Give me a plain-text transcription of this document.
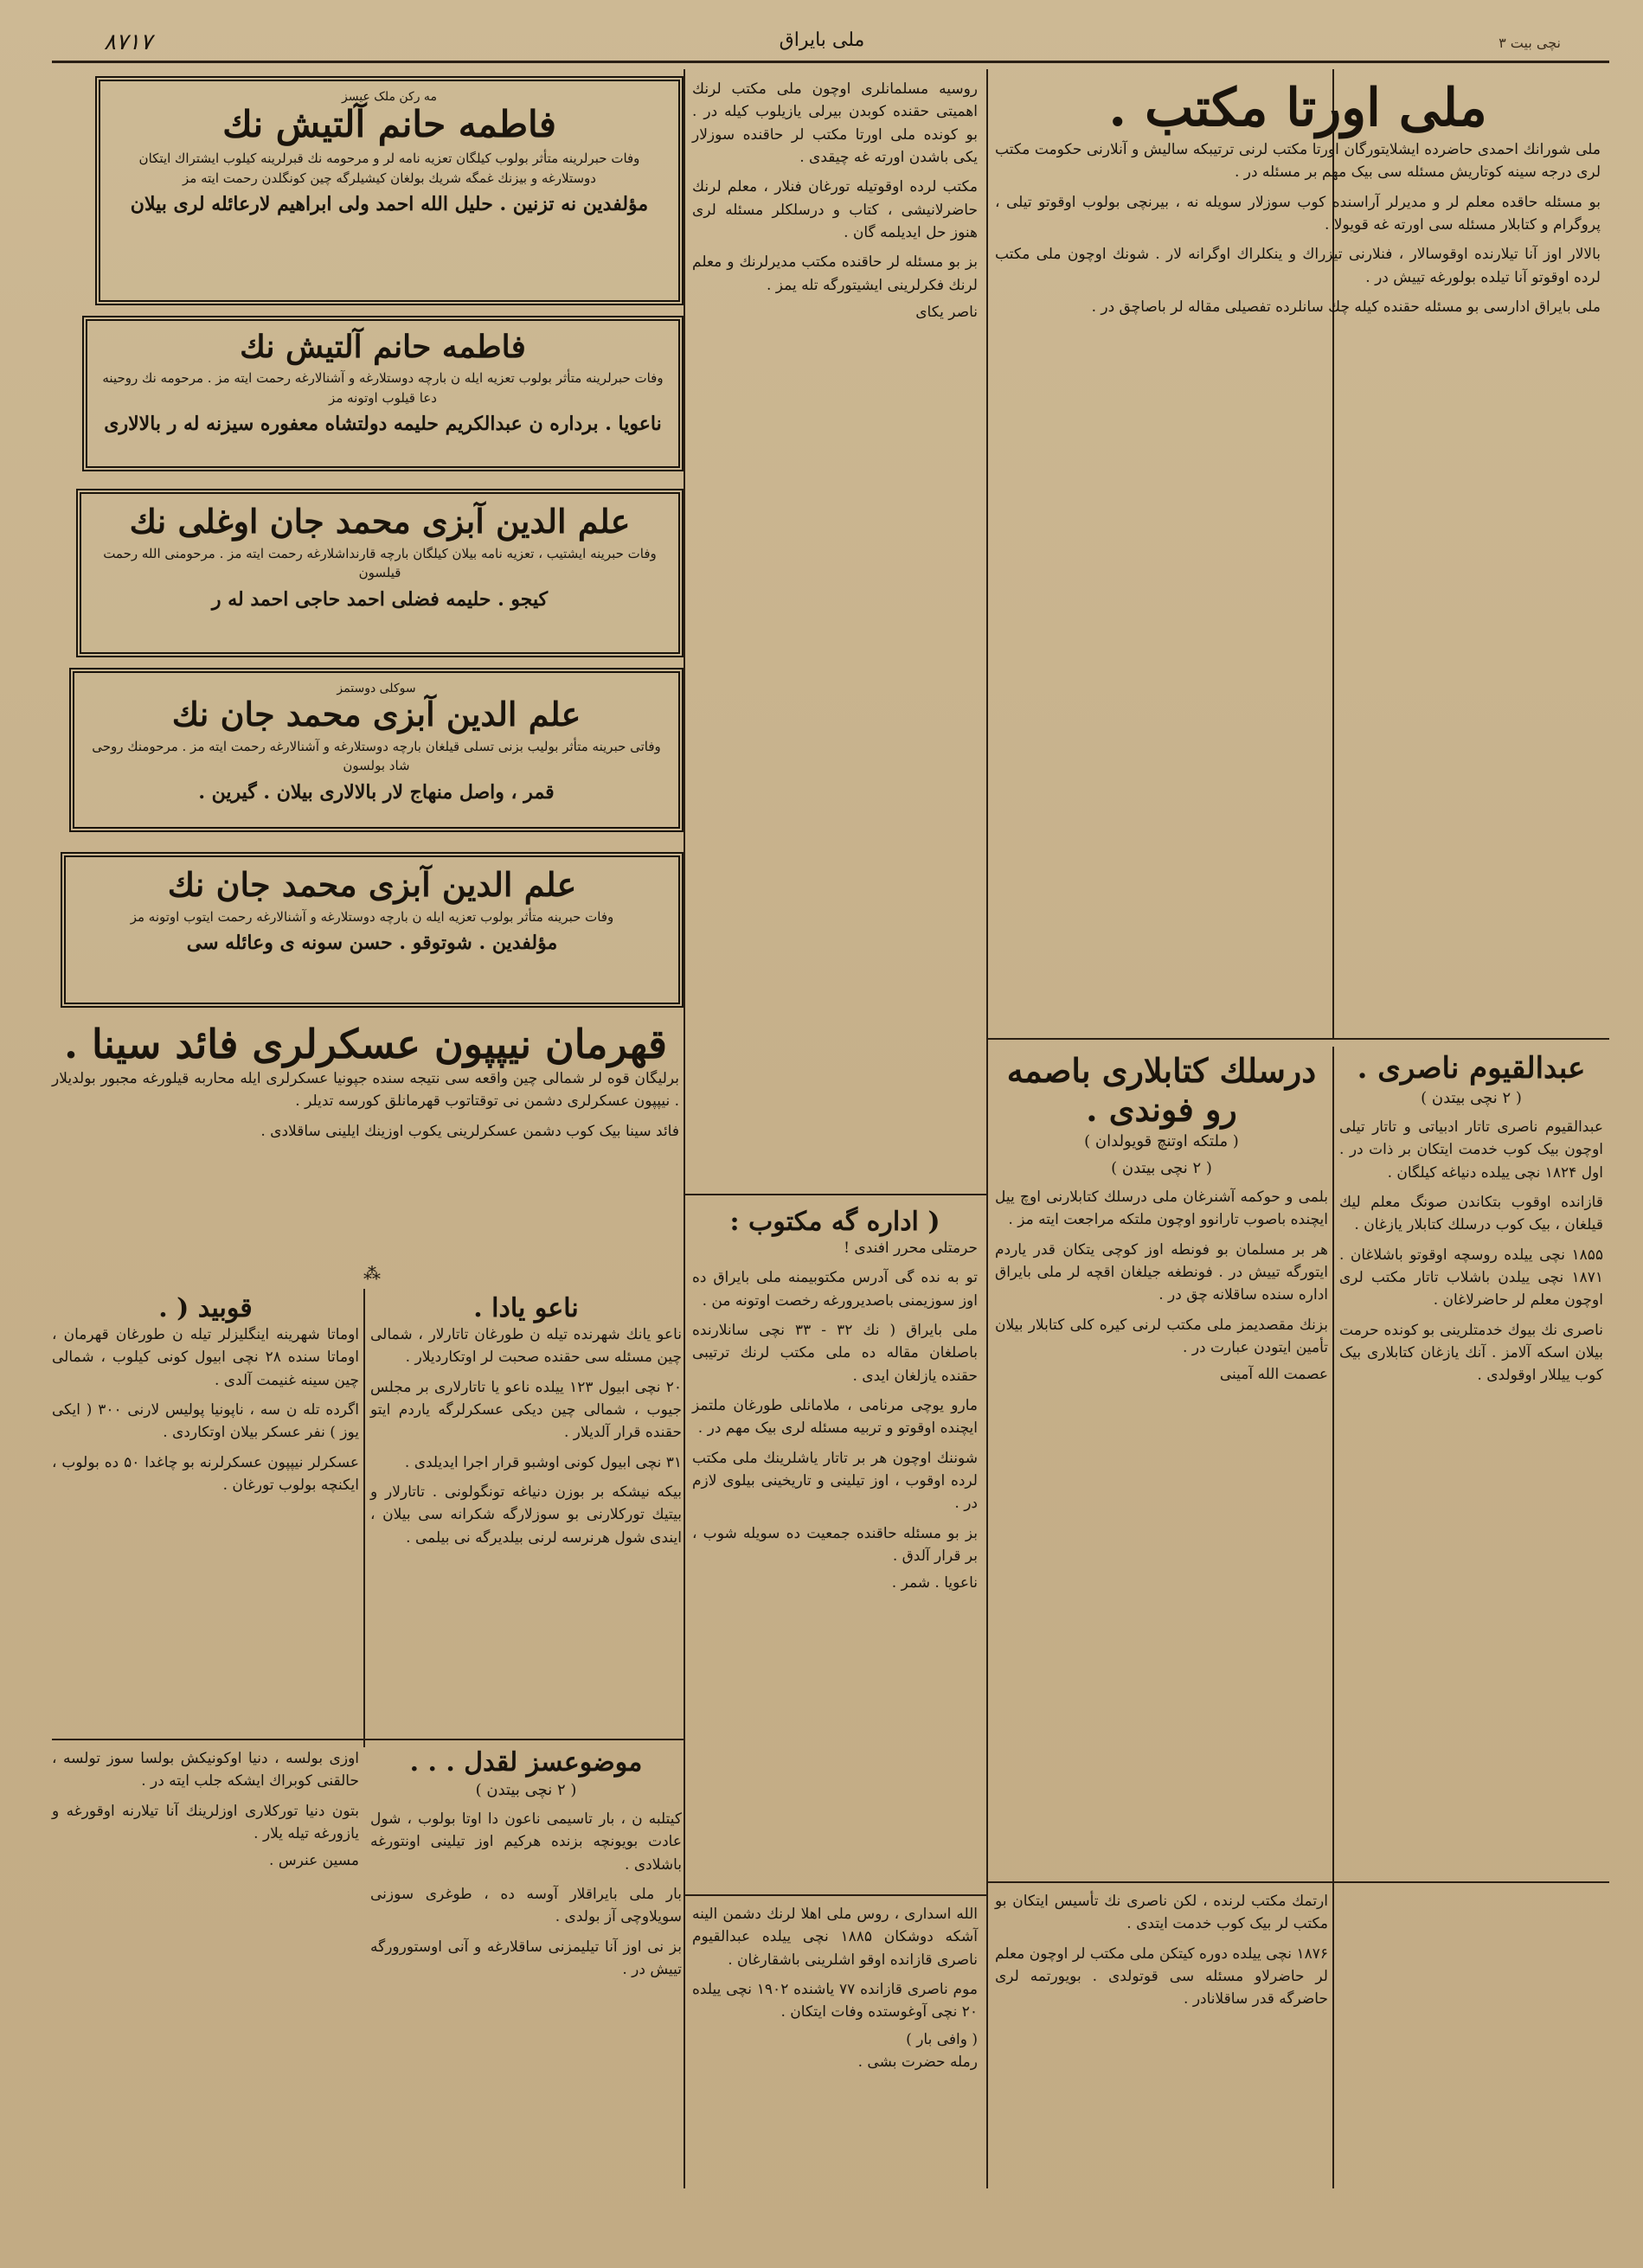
۸۷۱۷	ملی بایراق	۳ نچی بیت
مه رکن ملک عیسز
فاطمه حانم آلتیش نك
وفات حبرلرینه متأثر بولوب کیلگان تعزیه نامه لر و مرحومه نك قبرلرینه کیلوب ایشتراك ایتکان دوستلارغه و بیزنك غمگه شریك بولغان کیشیلرگه چین کونگلدن رحمت ایته مز
مؤلفدین نه تزنین . حلیل الله احمد ولی ابراهیم لارعائله لری بیلان
فاطمه حانم آلتیش نك
وفات حبرلرینه متأثر بولوب تعزیه ایله ن بارچه دوستلارغه و آشنالارغه رحمت ایته مز . مرحومه نك روحینه دعا قیلوب اوتونه مز
ناعویا . برداره ن عبدالکریم حلیمه دولتشاه معفوره سیزنه له ر بالالاری
علم الدین آبزی محمد جان اوغلی نك
وفات حبرینه ایشتیب ، تعزیه نامه بیلان کیلگان بارچه قارنداشلارغه رحمت ایته مز . مرحومنی الله رحمت قیلسون
کیجو . حلیمه فضلی احمد حاجی احمد له ر
سوکلی دوستمز
علم الدین آبزی محمد جان نك
وفاتی حبرینه متأثر بولیب بزنی تسلی قیلغان بارچه دوستلارغه و آشنالارغه رحمت ایته مز . مرحومنك روحی شاد بولسون
قمر ، واصل منهاج لار بالالاری بیلان . گیرین .
علم الدین آبزی محمد جان نك
وفات حبرینه متأثر بولوب تعزیه ایله ن بارچه دوستلارغه و آشنالارغه رحمت ایتوب اوتونه مز
مؤلفدین . شوتوقو . حسن سونه ی وعائله سی
قهرمان نیپپون عسکرلری فائد سینا .

برلیگان قوه لر شمالی چین واقعه سی نتیجه سنده جپونیا عسکرلری ایله محاربه قیلورغه مجبور بولدیلار . نیپپون عسکرلری دشمن نی توقتاتوب قهرمانلق کورسه تدیلر .

فائد سینا بیک کوب دشمن عسکرلرینی یکوب اوزینك ایلینی ساقلادی .

⁂
قوبید ( .

اوماتا شهرینه اینگلیزلر تیله ن طورغان قهرمان ، اوماتا سنده ۲۸ نچی ابیول کونی کیلوب ، شمالی چین سینه غنیمت آلدی .

اگرده تله ن سه ، ناپونیا پولیس لارنی ۳۰۰ ( ایکی یوز ) نفر عسکر بیلان اوتکاردی .

عسکرلر نیپپون عسکرلرنه بو چاغدا ۵۰ ده بولوب ، ایکنچه بولوب تورغان .

ناعو یادا .

ناعو یانك شهرنده تیله ن طورغان تاتارلار ، شمالی چین مسئله سی حقنده صحبت لر اوتکاردیلار .

۲۰ نچی ابیول ۱۲۳ ییلده ناعو یا تاتارلاری بر مجلس جیوب ، شمالی چین دیکی عسکرلرگه یاردم ایتو حقنده قرار آلدیلار .

۳۱ نچی ابیول کونی اوشبو قرار اجرا ایدیلدی .

بیکه نیشکه بر بوزن دنیاغه تونگولونی . تاتارلار و بیتیك تورکلارنی بو سوزلارگه شکرانه سی بیلان ، ایندی شول هرنرسه لرنی بیلدیرگه نی بیلمی .

اوزی بولسه ، دنیا اوکونیکش بولسا سوز تولسه ، حالقنی کوبراك ایشکه جلب ایته در .

بتون دنیا تورکلاری اوزلرینك آنا تیلارنه اوقورغه و یازورغه تیله یلار .

مسین عنرس .
موضوعسز لقدل . . .
( ۲ نچی بیتدن )

کیتلبه ن ، بار تاسیمی ناعون دا اوتا بولوب ، شول عادت بویونچه بزنده هرکیم اوز تیلینی اونتورغه باشلادی .

بار ملی بایراقلار آوسه ده ، طوغری سوزنی سویلاوچی آز بولدی .

بز نی اوز آنا تیلیمزنی ساقلارغه و آنی اوستورورگه تییش در .

روسیه مسلمانلری اوچون ملی مکتب لرنك اهمیتی حقنده کوبدن بیرلی یازیلوب کیله در . بو کونده ملی اورتا مکتب لر حاقنده سوزلار یکی باشدن اورته غه چیقدی .

مکتب لرده اوقوتیله تورغان فنلار ، معلم لرنك حاضرلانیشی ، کتاب و درسلکلر مسئله لری هنوز حل ایدیلمه گان .

بز بو مسئله لر حاقنده مکتب مدیرلرنك و معلم لرنك فکرلرینی ایشیتورگه تله یمز .

ناصر یکای
( اداره گه مکتوب :

حرمتلی محرر افندی !

تو به نده گی آدرس مکتوبیمنه ملی بایراق ده اوز سوزیمنی باصدیرورغه رخصت اوتونه من .

ملی بایراق ( نك ۳۲ - ۳۳ نچی سانلارنده باصلغان مقاله ده ملی مکتب لرنك ترتیبی حقنده یازلغان ایدی .

مارو یوچی مرنامی ، ملامانلی طورغان ملتمز ایچنده اوقوتو و تربیه مسئله لری بیک مهم در .

شوننك اوچون هر بر تاتار یاشلرینك ملی مکتب لرده اوقوب ، اوز تیلینی و تاریخینی بیلوی لازم در .

بز بو مسئله حاقنده جمعیت ده سویله شوب ، بر قرار آلدق .

ناعویا . شمر .

الله اسداری ، روس ملی اهلا لرنك دشمن الینه آشکه دوشکان ۱۸۸۵ نچی ییلده عبدالقیوم ناصری قازانده اوقو اشلرینی باشقارغان .

موم ناصری قازانده ۷۷ یاشنده ۱۹۰۲ نچی ییلده ۲۰ نچی آوغوستده وفات ایتکان .

( وافی بار )
رمله حضرت بشی .
ملی اورتا مکتب .

ملی شورانك احمدی حاضرده ایشلایتورگان اورتا مکتب لرنی ترتیبکه سالیش و آنلارنی حکومت مکتب لری درجه سینه کوتاریش مسئله سی بیک مهم بر مسئله در .

بو مسئله حاقده معلم لر و مدیرلر آراسنده کوب سوزلار سویله نه ، بیرنچی بولوب اوقوتو تیلی ، پروگرام و کتابلار مسئله سی اورته غه قویولا .

بالالار اوز آنا تیلارنده اوقوسالار ، فنلارنی تیزراك و ینکلراك اوگرانه لار . شونك اوچون ملی مکتب لرده اوقوتو آنا تیلده بولورغه تییش در .

ملی بایراق ادارسی بو مسئله حقنده کیله چك سانلرده تفصیلی مقاله لر باصاچق در .

درسلك کتابلاری باصمه رو فوندی .
( ملتکه اوتنچ قویولدان )
( ۲ نچی بیتدن )

بلمی و حوکمه آشنرغان ملی درسلك کتابلارنی اوچ ییل ایچنده باصوب تارانوو اوچون ملتکه مراجعت ایته مز .

هر بر مسلمان بو فونطه اوز کوچی یتکان قدر یاردم ایتورگه تییش در . فونطغه جیلغان اقچه لر ملی بایراق اداره سنده ساقلانه چق در .

بزنك مقصدیمز ملی مکتب لرنی کیره کلی کتابلار بیلان تأمین ایتودن عبارت در .

عصمت الله آمینی
عبدالقیوم ناصری .
( ۲ نچی بیتدن )

عبدالقیوم ناصری تاتار ادبیاتی و تاتار تیلی اوچون بیک کوب خدمت ایتکان بر ذات در . اول ۱۸۲۴ نچی ییلده دنیاغه کیلگان .

قازانده اوقوب بتکاندن صونگ معلم لیك قیلغان ، بیک کوب درسلك کتابلار یازغان .

۱۸۵۵ نچی ییلده روسچه اوقوتو باشلاغان . ۱۸۷۱ نچی ییلدن باشلاب تاتار مکتب لری اوچون معلم لر حاضرلاغان .

ناصری نك بیوك خدمتلرینی بو کونده حرمت بیلان اسکه آلامز . آنك یازغان کتابلاری بیک کوب ییللار اوقولدی .

ارتمك مکتب لرنده ، لکن ناصری نك تأسیس ایتکان بو مکتب لر بیک کوب خدمت ایتدی .

۱۸۷۶ نچی ییلده دوره کیتکن ملی مکتب لر اوچون معلم لر حاضرلاو مسئله سی قوتولدی . بویورتمه لری حاضرگه قدر ساقلانادر .
